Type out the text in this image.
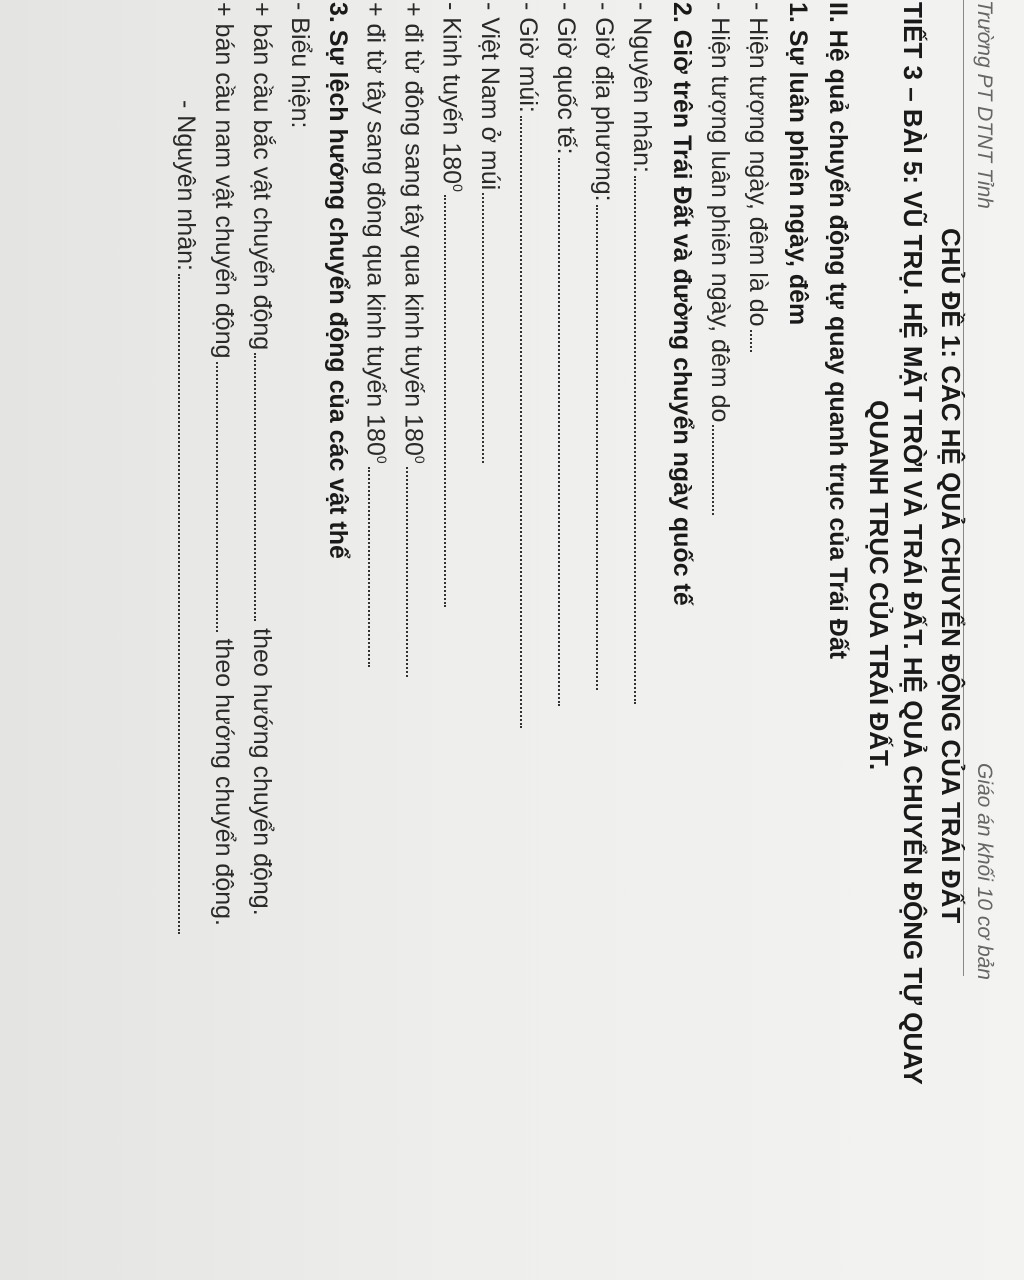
Trường PT DTNT Tỉnh
Giáo án khối 10 cơ bản
CHỦ ĐỀ 1: CÁC HỆ QUẢ CHUYỂN ĐỘNG CỦA TRÁI ĐẤT
TIẾT 3 – BÀI 5: VŨ TRỤ. HỆ MẶT TRỜI VÀ TRÁI ĐẤT. HỆ QUẢ CHUYỂN ĐỘNG TỰ QUAY
QUANH TRỤC CỦA TRÁI ĐẤT.
II. Hệ quả chuyển động tự quay quanh trục của Trái Đất
1. Sự luân phiên ngày, đêm
- Hiện tượng ngày, đêm là do
- Hiện tượng luân phiên ngày, đêm do
2. Giờ trên Trái Đất và đường chuyển ngày quốc tế
- Nguyên nhân:
- Giờ địa phương:
- Giờ quốc tế:
- Giờ múi:
- Việt Nam ở múi
- Kinh tuyến $180^0$
+ đi từ đông sang tây qua kinh tuyến $180^0$
+ đi từ tây sang đông qua kinh tuyến $180^0$
3. Sự lệch hướng chuyển động của các vật thể
- Biểu hiện:
+ bán cầu bắc vật chuyển động theo hướng chuyển động.
+ bán cầu nam vật chuyển động theo hướng chuyển động.
- Nguyên nhân:
